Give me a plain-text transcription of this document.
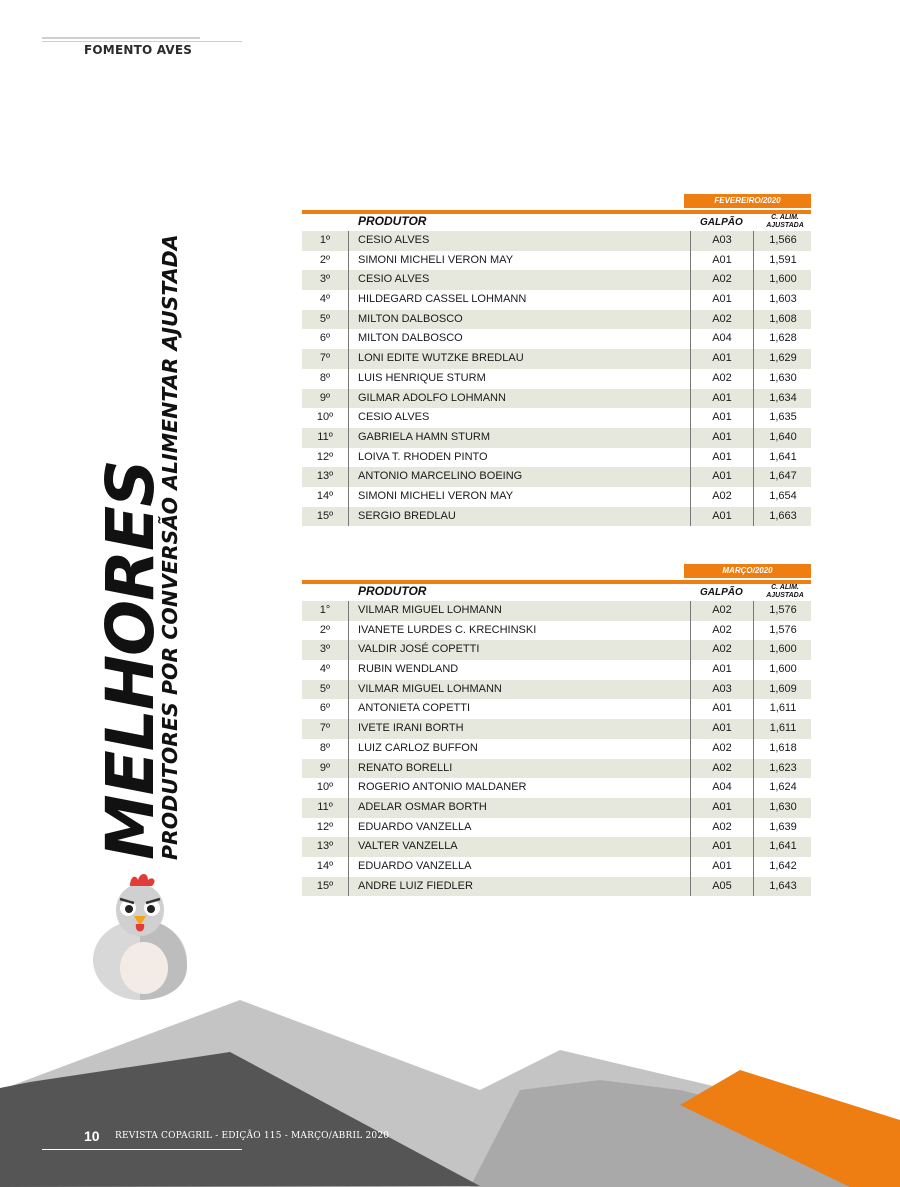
FOMENTO AVES
MELHORES
PRODUTORES POR CONVERSÃO ALIMENTAR AJUSTADA
FEVEREIRO/2020
PRODUTOR	GALPÃO	C. ALIM.
AJUSTADA
1º	CESIO ALVES	A03	1,566
2º	SIMONI MICHELI VERON MAY	A01	1,591
3º	CESIO ALVES	A02	1,600
4º	HILDEGARD CASSEL LOHMANN	A01	1,603
5º	MILTON DALBOSCO	A02	1,608
6º	MILTON DALBOSCO	A04	1,628
7º	LONI EDITE WUTZKE BREDLAU	A01	1,629
8º	LUIS HENRIQUE STURM	A02	1,630
9º	GILMAR ADOLFO LOHMANN	A01	1,634
10º	CESIO ALVES	A01	1,635
11º	GABRIELA HAMN STURM	A01	1,640
12º	LOIVA T. RHODEN PINTO	A01	1,641
13º	ANTONIO MARCELINO BOEING	A01	1,647
14º	SIMONI MICHELI VERON MAY	A02	1,654
15º	SERGIO BREDLAU	A01	1,663
MARÇO/2020
PRODUTOR	GALPÃO	C. ALIM.
AJUSTADA
1°	VILMAR MIGUEL LOHMANN	A02	1,576
2º	IVANETE LURDES C. KRECHINSKI	A02	1,576
3º	VALDIR JOSÉ COPETTI	A02	1,600
4º	RUBIN WENDLAND	A01	1,600
5º	VILMAR MIGUEL LOHMANN	A03	1,609
6º	ANTONIETA COPETTI	A01	1,611
7º	IVETE IRANI BORTH	A01	1,611
8º	LUIZ CARLOZ BUFFON	A02	1,618
9º	RENATO BORELLI	A02	1,623
10º	ROGERIO ANTONIO MALDANER	A04	1,624
11º	ADELAR OSMAR BORTH	A01	1,630
12º	EDUARDO VANZELLA	A02	1,639
13º	VALTER VANZELLA	A01	1,641
14º	EDUARDO VANZELLA	A01	1,642
15º	ANDRE LUIZ FIEDLER	A05	1,643
10 REVISTA COPAGRIL - EDIÇÃO 115 - MARÇO/ABRIL 2020
